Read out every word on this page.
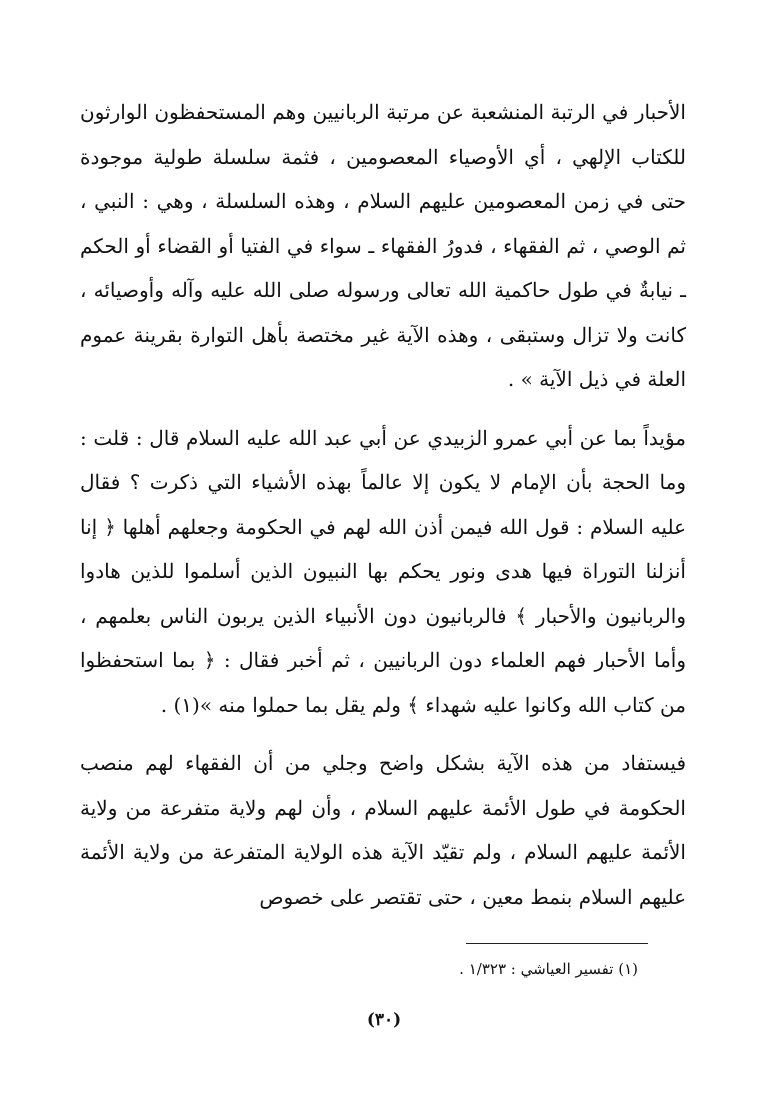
الأحبار في الرتبة المنشعبة عن مرتبة الربانيين وهم المستحفظون الوارثون للكتاب الإلهي ، أي الأوصياء المعصومين ، فثمة سلسلة طولية موجودة حتى في زمن المعصومين عليهم السلام ، وهذه السلسلة ، وهي : النبي ، ثم الوصي ، ثم الفقهاء ، فدورُ الفقهاء ـ سواء في الفتيا أو القضاء أو الحكم ـ نيابةٌ في طول حاكمية الله تعالى ورسوله صلى الله عليه وآله وأوصيائه ، كانت ولا تزال وستبقى ، وهذه الآية غير مختصة بأهل التوارة بقرينة عموم العلة في ذيل الآية » .

مؤيداً بما عن أبي عمرو الزبيدي عن أبي عبد الله عليه السلام قال : قلت : وما الحجة بأن الإمام لا يكون إلا عالماً بهذه الأشياء التي ذكرت ؟ فقال عليه السلام : قول الله فيمن أذن الله لهم في الحكومة وجعلهم أهلها ﴿ إنا أنزلنا التوراة فيها هدى ونور يحكم بها النبيون الذين أسلموا للذين هادوا والربانيون والأحبار ﴾ فالربانيون دون الأنبياء الذين يربون الناس بعلمهم ، وأما الأحبار فهم العلماء دون الربانيين ، ثم أخبر فقال : ﴿ بما استحفظوا من كتاب الله وكانوا عليه شهداء ﴾ ولم يقل بما حملوا منه »(١) .

فيستفاد من هذه الآية بشكل واضح وجلي من أن الفقهاء لهم منصب الحكومة في طول الأئمة عليهم السلام ، وأن لهم ولاية متفرعة من ولاية الأئمة عليهم السلام ، ولم تقيّد الآية هذه الولاية المتفرعة من ولاية الأئمة عليهم السلام بنمط معين ، حتى تقتصر على خصوص

(١) تفسير العياشي : ١/٣٢٣ .
(٣٠)
